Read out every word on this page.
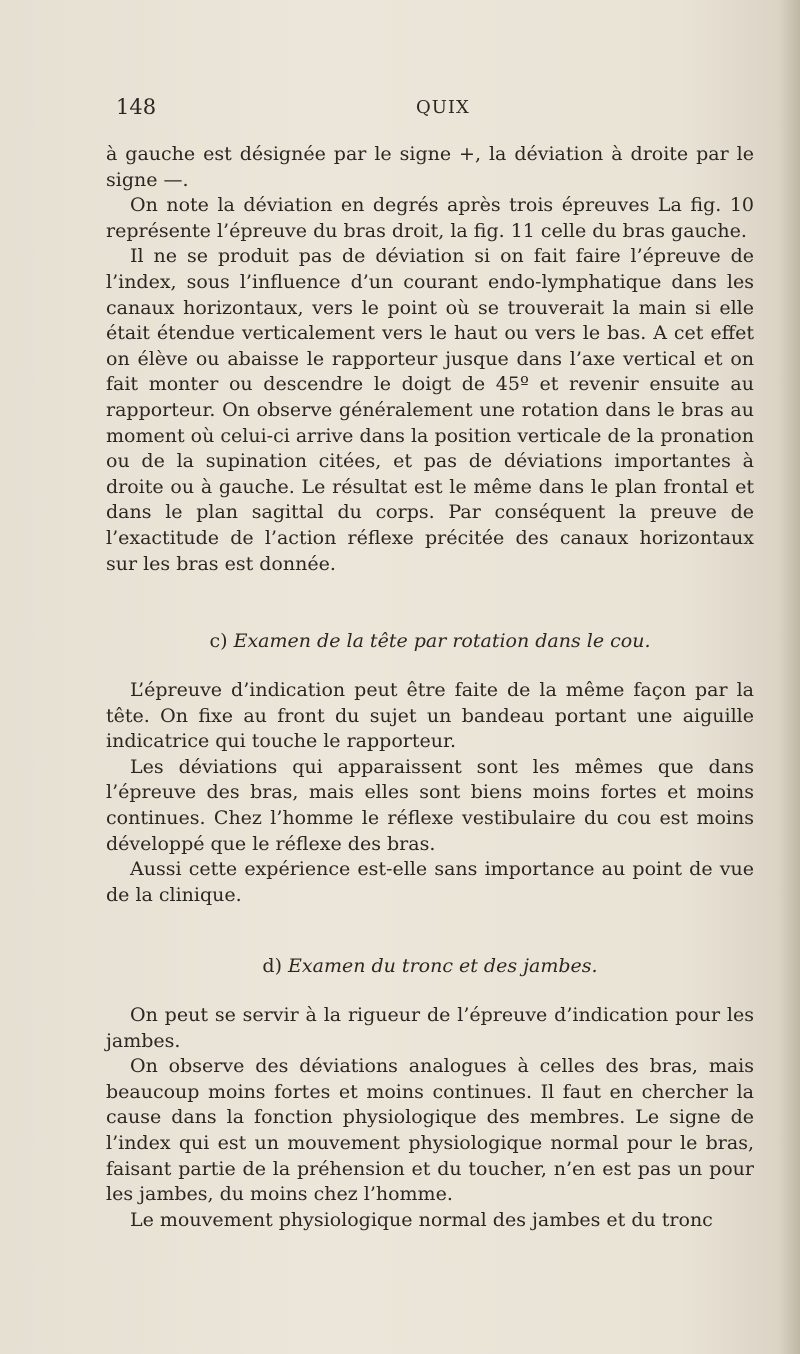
148	QUIX

à gauche est désignée par le signe +, la déviation à droite par le signe —.

On note la déviation en degrés après trois épreuves La fig. 10 représente l’épreuve du bras droit, la fig. 11 celle du bras gauche.

Il ne se produit pas de déviation si on fait faire l’épreuve de l’index, sous l’influence d’un courant endo-lymphatique dans les canaux horizontaux, vers le point où se trouverait la main si elle était étendue verticalement vers le haut ou vers le bas. A cet effet on élève ou abaisse le rapporteur jusque dans l’axe vertical et on fait monter ou descendre le doigt de 45º et revenir ensuite au rapporteur. On observe généralement une rotation dans le bras au moment où celui-ci arrive dans la position verticale de la pronation ou de la supination citées, et pas de déviations importantes à droite ou à gauche. Le résultat est le même dans le plan frontal et dans le plan sagittal du corps. Par conséquent la preuve de l’exactitude de l’action réflexe précitée des canaux horizontaux sur les bras est donnée.

c) Examen de la tête par rotation dans le cou.

L’épreuve d’indication peut être faite de la même façon par la tête. On fixe au front du sujet un bandeau portant une aiguille indicatrice qui touche le rapporteur.

Les déviations qui apparaissent sont les mêmes que dans l’épreuve des bras, mais elles sont biens moins fortes et moins continues. Chez l’homme le réflexe vestibulaire du cou est moins développé que le réflexe des bras.

Aussi cette expérience est-elle sans importance au point de vue de la clinique.

d) Examen du tronc et des jambes.

On peut se servir à la rigueur de l’épreuve d’indication pour les jambes.

On observe des déviations analogues à celles des bras, mais beaucoup moins fortes et moins continues. Il faut en chercher la cause dans la fonction physiologique des membres. Le signe de l’index qui est un mouvement physiologique normal pour le bras, faisant partie de la préhension et du toucher, n’en est pas un pour les jambes, du moins chez l’homme.

Le mouvement physiologique normal des jambes et du tronc
